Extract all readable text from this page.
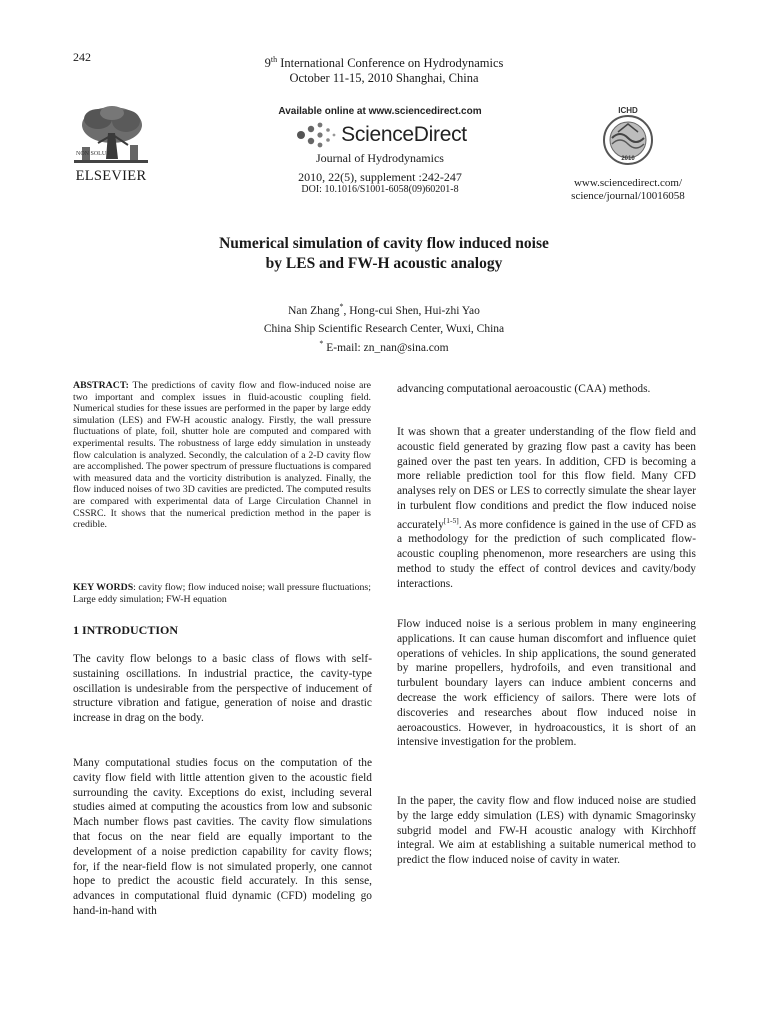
242	9th International Conference on Hydrodynamics
October 11-15, 2010 Shanghai, China
NON SOLUS
ELSEVIER
Available online at www.sciencedirect.com
ScienceDirect
Journal of Hydrodynamics
2010, 22(5), supplement :242-247
DOI: 10.1016/S1001-6058(09)60201-8
ICHD
2010
www.sciencedirect.com/
science/journal/10016058
Numerical simulation of cavity flow induced noise
by LES and FW-H acoustic analogy
Nan Zhang*, Hong-cui Shen, Hui-zhi Yao
China Ship Scientific Research Center, Wuxi, China
* E-mail: zn_nan@sina.com
ABSTRACT: The predictions of cavity flow and flow-induced noise are two important and complex issues in fluid-acoustic coupling field. Numerical studies for these issues are performed in the paper by large eddy simulation (LES) and FW-H acoustic analogy. Firstly, the wall pressure fluctuations of plate, foil, shutter hole are computed and compared with experimental results. The robustness of large eddy simulation in unsteady flow calculation is analyzed. Secondly, the calculation of a 2-D cavity flow are accomplished. The power spectrum of pressure fluctuations is compared with measured data and the vorticity distribution is analyzed. Finally, the flow induced noises of two 3D cavities are predicted. The computed results are compared with experimental data of Large Circulation Channel in CSSRC. It shows that the numerical prediction method in the paper is credible.
KEY WORDS: cavity flow; flow induced noise; wall pressure fluctuations; Large eddy simulation; FW-H equation
1 INTRODUCTION
The cavity flow belongs to a basic class of flows with self-sustaining oscillations. In industrial practice, the cavity-type oscillation is undesirable from the perspective of inducement of structure vibration and fatigue, generation of noise and drastic increase in drag on the body.
Many computational studies focus on the computation of the cavity flow field with little attention given to the acoustic field surrounding the cavity. Exceptions do exist, including several studies aimed at computing the acoustics from low and subsonic Mach number flows past cavities. The cavity flow simulations that focus on the near field are equally important to the development of a noise prediction capability for cavity flows; for, if the near-field flow is not simulated properly, one cannot hope to predict the acoustic field accurately. In this sense, advances in computational fluid dynamic (CFD) modeling go hand-in-hand with
advancing computational aeroacoustic (CAA) methods.
It was shown that a greater understanding of the flow field and acoustic field generated by grazing flow past a cavity has been gained over the past ten years. In addition, CFD is becoming a more reliable prediction tool for this flow field. Many CFD analyses rely on DES or LES to correctly simulate the shear layer in turbulent flow conditions and predict the flow induced noise accurately[1-5]. As more confidence is gained in the use of CFD as a methodology for the prediction of such complicated flow-acoustic coupling phenomenon, more researchers are using this method to study the effect of control devices and cavity/body interactions.
Flow induced noise is a serious problem in many engineering applications. It can cause human discomfort and influence quiet operations of vehicles. In ship applications, the sound generated by marine propellers, hydrofoils, and even transitional and turbulent boundary layers can induce ambient concerns and decrease the work efficiency of sailors. There were lots of discoveries and researches about flow induced noise in aeroacoustics. However, in hydroacoustics, it is short of an intensive investigation for the problem.
In the paper, the cavity flow and flow induced noise are studied by the large eddy simulation (LES) with dynamic Smagorinsky subgrid model and FW-H acoustic analogy with Kirchhoff integral. We aim at establishing a suitable numerical method to predict the flow induced noise of cavity in water.
